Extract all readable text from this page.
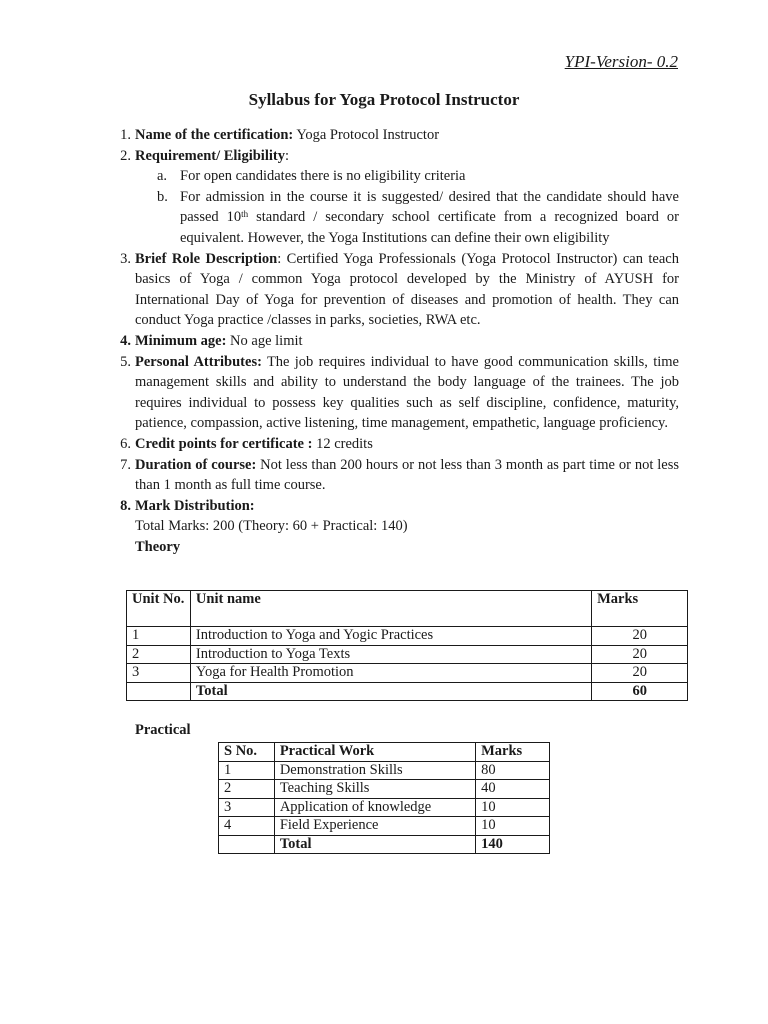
YPI-Version- 0.2
Syllabus for Yoga Protocol Instructor
1. Name of the certification: Yoga Protocol Instructor
2. Requirement/ Eligibility:
a. For open candidates there is no eligibility criteria
b. For admission in the course it is suggested/ desired that the candidate should have passed 10th standard / secondary school certificate from a recognized board or equivalent. However, the Yoga Institutions can define their own eligibility
3. Brief Role Description: Certified Yoga Professionals (Yoga Protocol Instructor) can teach basics of Yoga / common Yoga protocol developed by the Ministry of AYUSH for International Day of Yoga for prevention of diseases and promotion of health. They can conduct Yoga practice /classes in parks, societies, RWA etc.
4. Minimum age: No age limit
5. Personal Attributes: The job requires individual to have good communication skills, time management skills and ability to understand the body language of the trainees. The job requires individual to possess key qualities such as self discipline, confidence, maturity, patience, compassion, active listening, time management, empathetic, language proficiency.
6. Credit points for certificate : 12 credits
7. Duration of course: Not less than 200 hours or not less than 3 month as part time or not less than 1 month as full time course.
8. Mark Distribution:
Total Marks: 200 (Theory: 60 + Practical: 140)
Theory
Unit No.	Unit name	Marks
1	Introduction to Yoga and Yogic Practices	20
2	Introduction to Yoga Texts	20
3	Yoga for Health Promotion	20
	Total	60
Practical
S No.	Practical Work	Marks
1	Demonstration Skills	80
2	Teaching Skills	40
3	Application of knowledge	10
4	Field Experience	10
	Total	140
